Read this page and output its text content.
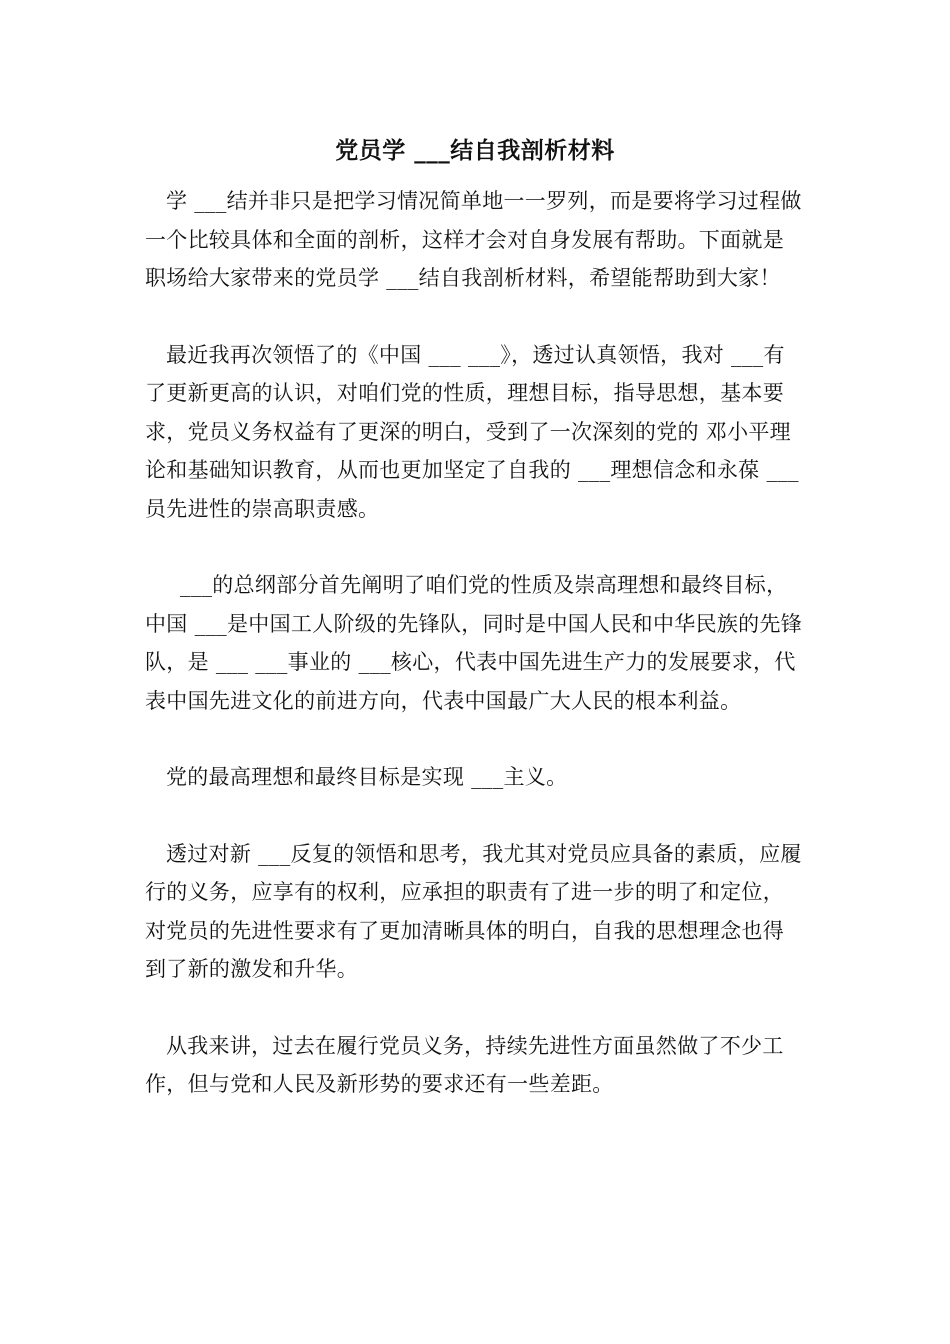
党员学 ___结自我剖析材料

学 ___结并非只是把学习情况简单地一一罗列，而是要将学习过程做一个比较具体和全面的剖析，这样才会对自身发展有帮助。下面就是职场给大家带来的党员学 ___结自我剖析材料，希望能帮助到大家！

最近我再次领悟了的《中国 ___ ___》，透过认真领悟，我对 ___有了更新更高的认识，对咱们党的性质，理想目标，指导思想，基本要求，党员义务权益有了更深的明白，受到了一次深刻的党的 邓小平理论和基础知识教育，从而也更加坚定了自我的 ___理想信念和永葆 ___员先进性的崇高职责感。

___的总纲部分首先阐明了咱们党的性质及崇高理想和最终目标，中国 ___是中国工人阶级的先锋队，同时是中国人民和中华民族的先锋队，是 ___ ___事业的 ___核心，代表中国先进生产力的发展要求，代表中国先进文化的前进方向，代表中国最广大人民的根本利益。

党的最高理想和最终目标是实现 ___主义。

透过对新 ___反复的领悟和思考，我尤其对党员应具备的素质，应履行的义务，应享有的权利，应承担的职责有了进一步的明了和定位，对党员的先进性要求有了更加清晰具体的明白，自我的思想理念也得到了新的激发和升华。

从我来讲，过去在履行党员义务，持续先进性方面虽然做了不少工作，但与党和人民及新形势的要求还有一些差距。
